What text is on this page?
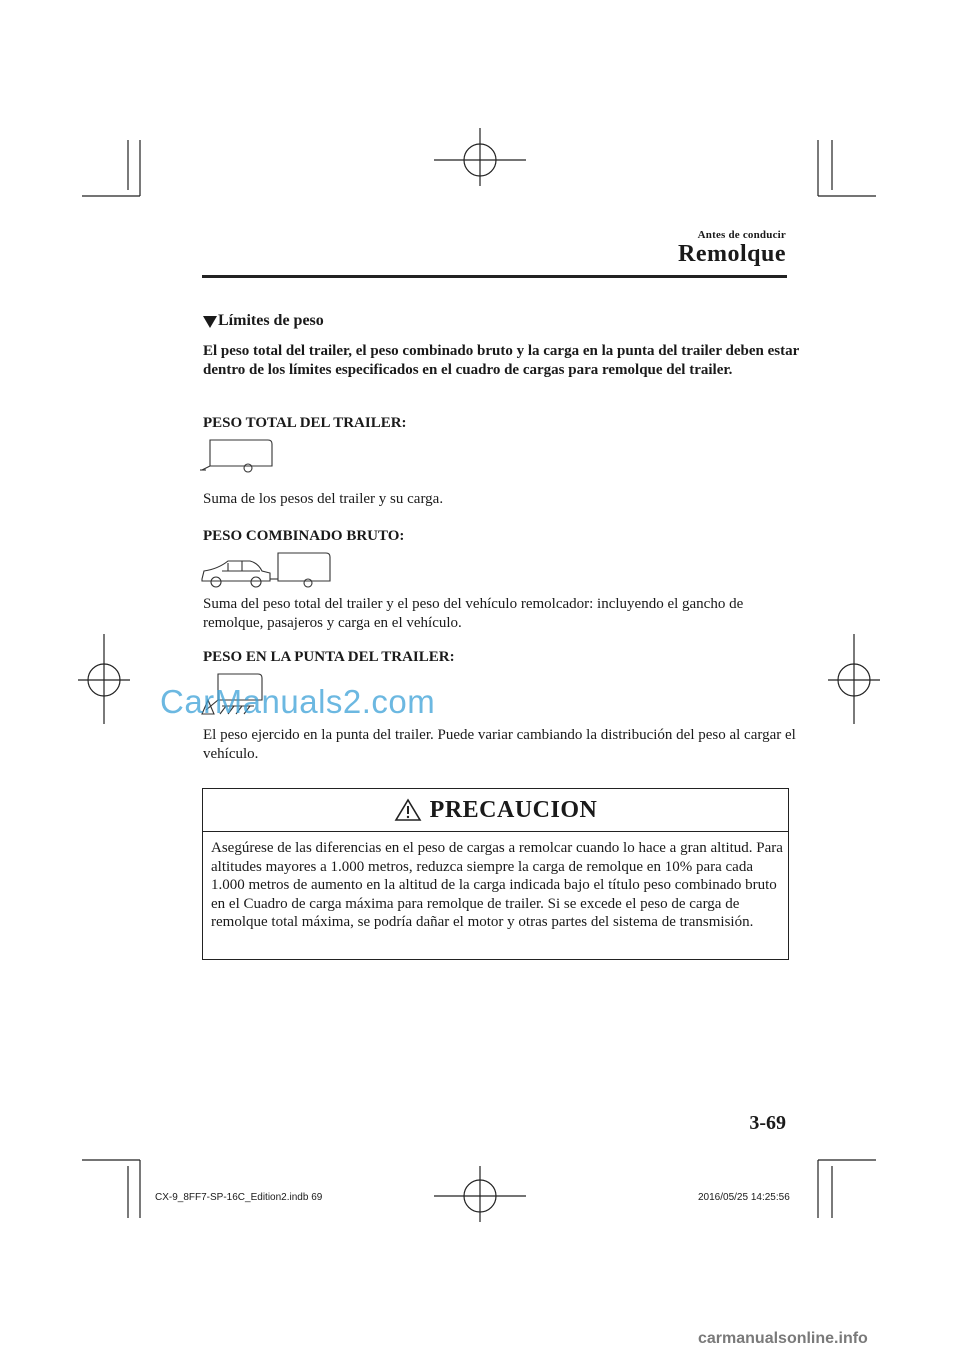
Antes de conducir
Remolque
Límites de peso
El peso total del trailer, el peso combinado bruto y la carga en la punta del trailer deben estar dentro de los límites especificados en el cuadro de cargas para remolque del trailer.
PESO TOTAL DEL TRAILER:
Suma de los pesos del trailer y su carga.
PESO COMBINADO BRUTO:
Suma del peso total del trailer y el peso del vehículo remolcador: incluyendo el gancho de remolque, pasajeros y carga en el vehículo.
PESO EN LA PUNTA DEL TRAILER:
CarManuals2.com
El peso ejercido en la punta del trailer. Puede variar cambiando la distribución del peso al cargar el vehículo.
PRECAUCION
Asegúrese de las diferencias en el peso de cargas a remolcar cuando lo hace a gran altitud. Para altitudes mayores a 1.000 metros, reduzca siempre la carga de remolque en 10% para cada 1.000 metros de aumento en la altitud de la carga indicada bajo el título peso combinado bruto en el Cuadro de carga máxima para remolque de trailer. Si se excede el peso de carga de remolque total máxima, se podría dañar el motor y otras partes del sistema de transmisión.
3-69
CX-9_8FF7-SP-16C_Edition2.indb 69	2016/05/25 14:25:56
carmanualsonline.info
